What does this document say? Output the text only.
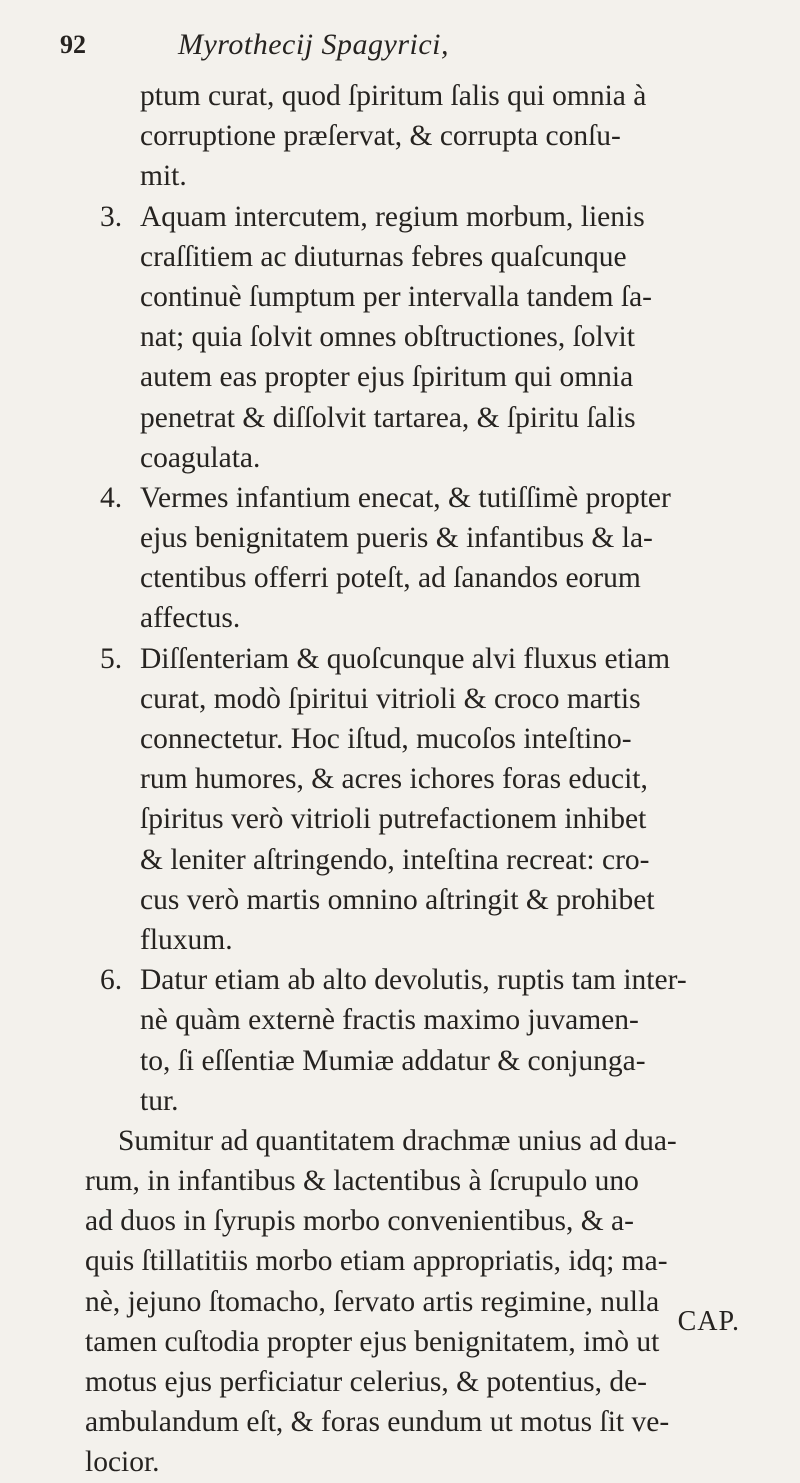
92	Myrothecij Spagyrici,
ptum curat, quod ſpiritum ſalis qui omnia à
corruptione præſervat, & corrupta conſu-
mit.
3. Aquam intercutem, regium morbum, lienis
craſſitiem ac diuturnas febres quaſcunque
continuè ſumptum per intervalla tandem ſa-
nat; quia ſolvit omnes obſtructiones, ſolvit
autem eas propter ejus ſpiritum qui omnia
penetrat & diſſolvit tartarea, & ſpiritu ſalis
coagulata.
4. Vermes infantium enecat, & tutiſſimè propter
ejus benignitatem pueris & infantibus & la-
ctentibus offerri poteſt, ad ſanandos eorum
affectus.
5. Diſſenteriam & quoſcunque alvi fluxus etiam
curat, modò ſpiritui vitrioli & croco martis
connectetur. Hoc iſtud, mucoſos inteſtino-
rum humores, & acres ichores foras educit,
ſpiritus verò vitrioli putrefactionem inhibet
& leniter aſtringendo, inteſtina recreat: cro-
cus verò martis omnino aſtringit & prohibet
fluxum.
6. Datur etiam ab alto devolutis, ruptis tam inter-
nè quàm externè fractis maximo juvamen-
to, ſi eſſentiæ Mumiæ addatur & conjunga-
tur.
Sumitur ad quantitatem drachmæ unius ad dua-
rum, in infantibus & lactentibus à ſcrupulo uno
ad duos in ſyrupis morbo convenientibus, & a-
quis ſtillatitiis morbo etiam appropriatis, idq; ma-
nè, jejuno ſtomacho, ſervato artis regimine, nulla
tamen cuſtodia propter ejus benignitatem, imò ut
motus ejus perficiatur celerius, & potentius, de-
ambulandum eſt, & foras eundum ut motus ſit ve-
locior.
CAP.
